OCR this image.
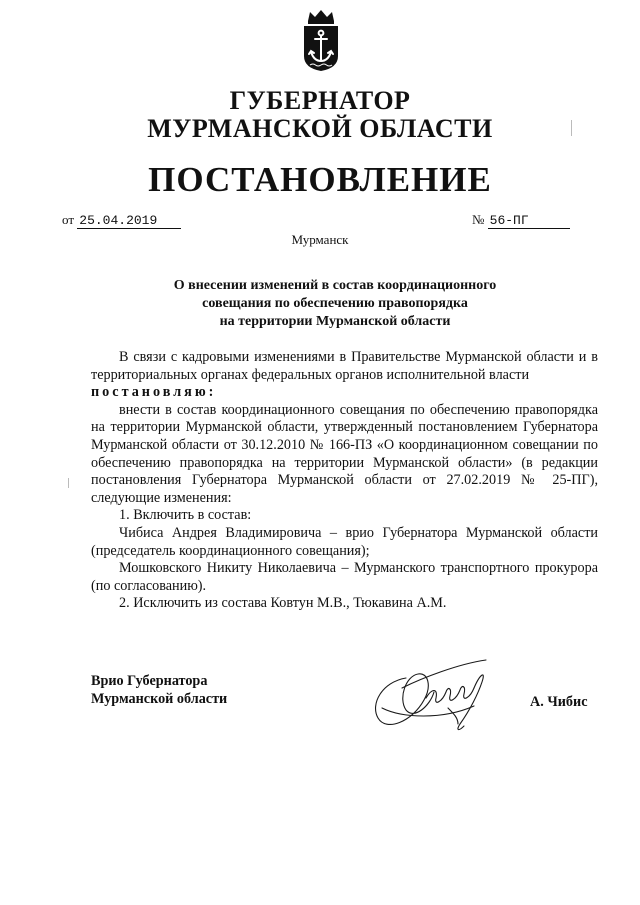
ГУБЕРНАТОР
МУРМАНСКОЙ ОБЛАСТИ
ПОСТАНОВЛЕНИЕ
от 25.04.2019	№ 56-ПГ

Мурманск

О внесении изменений в состав координационного
совещания по обеспечению правопорядка
на территории Мурманской области

В связи с кадровыми изменениями в Правительстве Мурманской области и в территориальных органах федеральных органов исполнительной власти

постановляю:

внести в состав координационного совещания по обеспечению правопорядка на территории Мурманской области, утвержденный постановлением Губернатора Мурманской области от 30.12.2010 № 166-ПЗ «О координационном совещании по обеспечению правопорядка на территории Мурманской области» (в редакции постановления Губернатора Мурманской области от 27.02.2019 № 25-ПГ), следующие изменения:

1. Включить в состав:

Чибиса Андрея Владимировича – врио Губернатора Мурманской области (председатель координационного совещания);

Мошковского Никиту Николаевича – Мурманского транспортного прокурора (по согласованию).

2. Исключить из состава Ковтун М.В., Тюкавина А.М.

Врио Губернатора
Мурманской области	А. Чибис
